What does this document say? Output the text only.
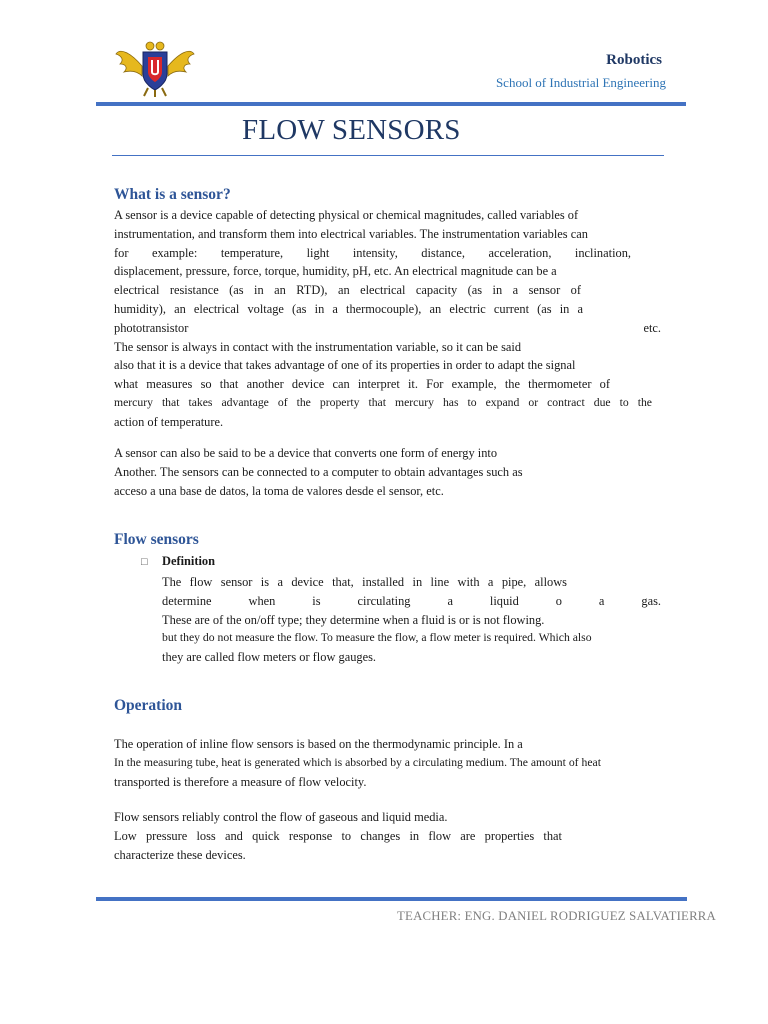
Robotics
School of Industrial Engineering
FLOW SENSORS
What is a sensor?
A sensor is a device capable of detecting physical or chemical magnitudes, called variables of
instrumentation, and transform them into electrical variables. The instrumentation variables can
for example: temperature, light intensity, distance, acceleration, inclination,
displacement, pressure, force, torque, humidity, pH, etc. An electrical magnitude can be a
electrical resistance (as in an RTD), an electrical capacity (as in a sensor of
humidity), an electrical voltage (as in a thermocouple), an electric current (as in a
phototransistor etc.
The sensor is always in contact with the instrumentation variable, so it can be said
also that it is a device that takes advantage of one of its properties in order to adapt the signal
what measures so that another device can interpret it. For example, the thermometer of
mercury that takes advantage of the property that mercury has to expand or contract due to the
action of temperature.
A sensor can also be said to be a device that converts one form of energy into
Another. The sensors can be connected to a computer to obtain advantages such as
acceso a una base de datos, la toma de valores desde el sensor, etc.
Flow sensors
□ Definition
The flow sensor is a device that, installed in line with a pipe, allows
determine when is circulating a liquid o a gas.
These are of the on/off type; they determine when a fluid is or is not flowing.
but they do not measure the flow. To measure the flow, a flow meter is required. Which also
they are called flow meters or flow gauges.
Operation
The operation of inline flow sensors is based on the thermodynamic principle. In a
In the measuring tube, heat is generated which is absorbed by a circulating medium. The amount of heat
transported is therefore a measure of flow velocity.
Flow sensors reliably control the flow of gaseous and liquid media.
Low pressure loss and quick response to changes in flow are properties that
characterize these devices.
TEACHER: ENG. DANIEL RODRIGUEZ SALVATIERRA
